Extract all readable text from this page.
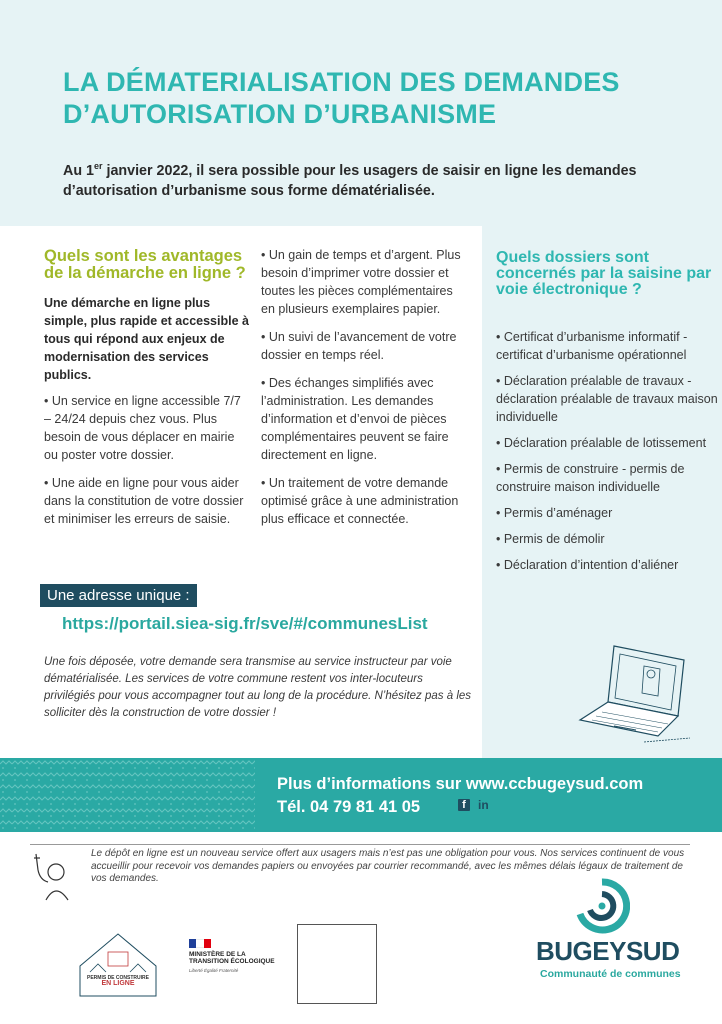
LA DÉMATERIALISATION DES DEMANDES D’AUTORISATION D’URBANISME
Au 1er janvier 2022, il sera possible pour les usagers de saisir en ligne les demandes d’autorisation d’urbanisme sous forme dématérialisée.
Quels sont les avantages de la démarche en ligne ?
Une démarche en ligne plus simple, plus rapide et accessible à tous qui répond aux enjeux de modernisation des services publics.
• Un service en ligne accessible 7/7 – 24/24 depuis chez vous. Plus besoin de vous déplacer en mairie ou poster votre dossier.
• Une aide en ligne pour vous aider dans la constitution de votre dossier et minimiser les erreurs de saisie.
• Un gain de temps et d’argent. Plus besoin d’imprimer votre dossier et toutes les pièces complémentaires en plusieurs exemplaires papier.
• Un suivi de l’avancement de votre dossier en temps réel.
• Des échanges simplifiés avec l’administration. Les demandes d’information et d’envoi de pièces complémentaires peuvent se faire directement en ligne.
• Un traitement de votre demande optimisé grâce à une administration plus efficace et connectée.
Quels dossiers sont concernés par la saisine par voie électronique ?
• Certificat d’urbanisme informatif - certificat d’urbanisme opérationnel
• Déclaration préalable de travaux - déclaration préalable de travaux maison individuelle
• Déclaration préalable de lotissement
• Permis de construire - permis de construire maison individuelle
• Permis d’aménager
• Permis de démolir
• Déclaration d’intention d’aliéner
Une adresse unique :
https://portail.siea-sig.fr/sve/#/communesList
Une fois déposée, votre demande sera transmise au service instructeur par voie dématérialisée. Les services de votre commune restent vos inter-locuteurs privilégiés pour vous accompagner tout au long de la procédure. N’hésitez pas à les solliciter dès la construction de votre dossier !
Plus d’informations sur www.ccbugeysud.com
Tél. 04 79 81 41 05	f	in
Le dépôt en ligne est un nouveau service offert aux usagers mais n’est pas une obligation pour vous. Nos services continuent de vous accueillir pour recevoir vos demandes papiers ou envoyées par courrier recommandé, avec les mêmes délais légaux de traitement de vos demandes.
PERMIS DE CONSTRUIRE
EN LIGNE
MINISTÈRE DE LA TRANSITION ÉCOLOGIQUE
Liberté Égalité Fraternité
BUGEYSUD
Communauté de communes
